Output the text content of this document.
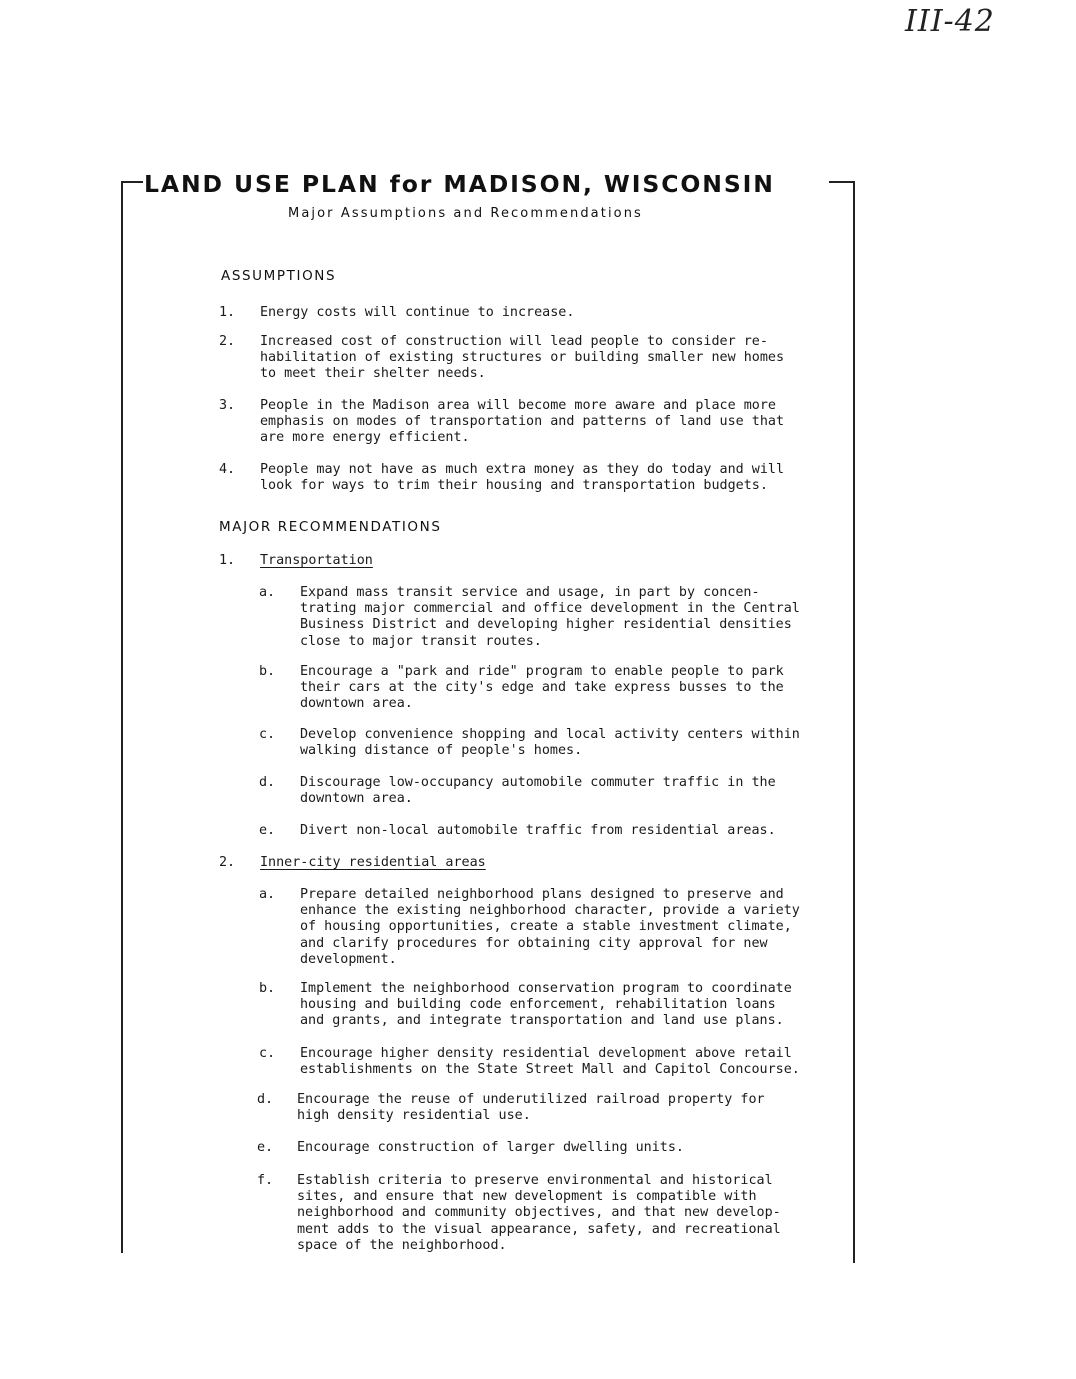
III-42
LAND USE PLAN for MADISON, WISCONSIN
Major Assumptions and Recommendations
ASSUMPTIONS
1. Energy costs will continue to increase.
2. Increased cost of construction will lead people to consider re-
habilitation of existing structures or building smaller new homes
to meet their shelter needs.
3. People in the Madison area will become more aware and place more
emphasis on modes of transportation and patterns of land use that
are more energy efficient.
4. People may not have as much extra money as they do today and will
look for ways to trim their housing and transportation budgets.
MAJOR RECOMMENDATIONS
1. Transportation
a. Expand mass transit service and usage, in part by concen-
trating major commercial and office development in the Central
Business District and developing higher residential densities
close to major transit routes.
b. Encourage a "park and ride" program to enable people to park
their cars at the city's edge and take express busses to the
downtown area.
c. Develop convenience shopping and local activity centers within
walking distance of people's homes.
d. Discourage low-occupancy automobile commuter traffic in the
downtown area.
e. Divert non-local automobile traffic from residential areas.
2. Inner-city residential areas
a. Prepare detailed neighborhood plans designed to preserve and
enhance the existing neighborhood character, provide a variety
of housing opportunities, create a stable investment climate,
and clarify procedures for obtaining city approval for new
development.
b. Implement the neighborhood conservation program to coordinate
housing and building code enforcement, rehabilitation loans
and grants, and integrate transportation and land use plans.
c. Encourage higher density residential development above retail
establishments on the State Street Mall and Capitol Concourse.
d. Encourage the reuse of underutilized railroad property for
high density residential use.
e. Encourage construction of larger dwelling units.
f. Establish criteria to preserve environmental and historical
sites, and ensure that new development is compatible with
neighborhood and community objectives, and that new develop-
ment adds to the visual appearance, safety, and recreational
space of the neighborhood.
